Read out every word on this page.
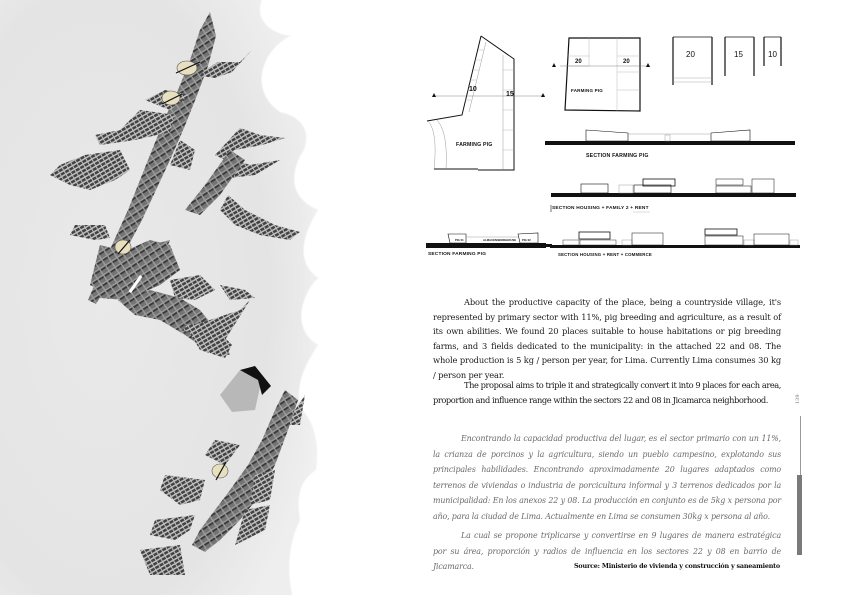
10
15
FARMING PIG
20	20
FARMING PIG
20	15	10
SECTION FARMING PIG
SECTION HOUSING + FAMILY 2 + RENT
SECTION HOUSING + RENT + COMMERCE
SECTION FARMING PIG
PIG 01	ALMACEN/WAREHOUSE PIG 02
About the productive capacity of the place, being a countryside village, it's represented by primary sector with 11%, pig breeding and agriculture, as a result of its own abilities. We found 20 places suitable to house habitations or pig breeding farms, and 3 fields dedicated to the municipality: in the attached 22 and 08. The whole production is 5 kg / person per year, for Lima. Currently Lima consumes 30 kg / person per year.
The proposal aims to triple it and strategically convert it into 9 places for each area, proportion and influence range within the sectors 22 and 08 in Jicamarca neighborhood.
Encontrando la capacidad productiva del lugar, es el sector primario con un 11%, la crianza de porcinos y la agricultura, siendo un pueblo campesino, explotando sus principales habilidades. Encontrando aproximadamente 20 lugares adaptados como terrenos de viviendas o industria de porcicultura informal y 3 terrenos dedicados por la municipalidad: En los anexos 22 y 08. La producción en conjunto es de 5kg x persona por año, para la ciudad de Lima. Actualmente en Lima se consumen 30kg x persona al año.
La cual se propone triplicarse y convertirse en 9 lugares de manera estratégica por su área, proporción y radios de influencia en los sectores 22 y 08 en barrio de Jicamarca.	Source: Ministerio de vivienda y construcción y saneamiento
139
